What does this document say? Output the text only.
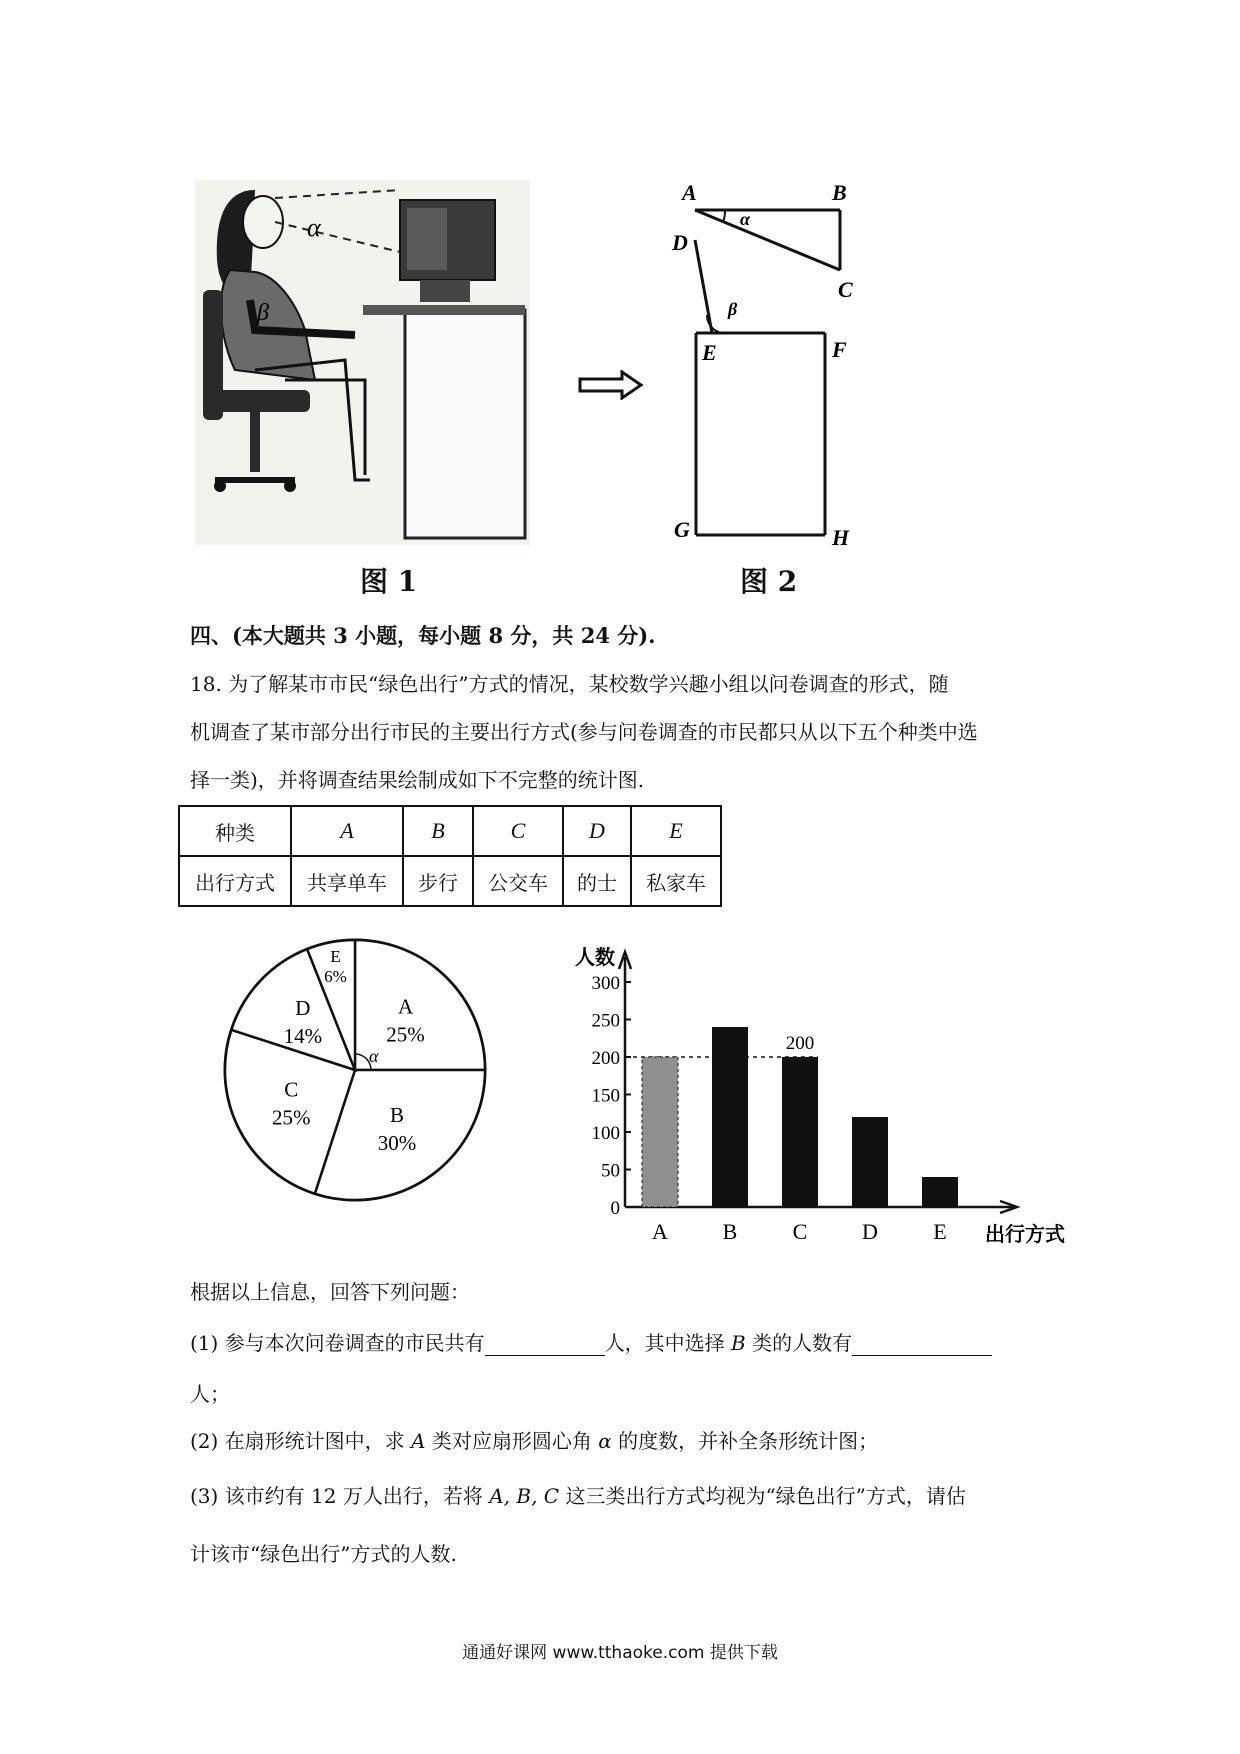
α
β
图 1
A	B
C
D
E	F
G	H
α
β
图 2
四、(本大题共 3 小题，每小题 8 分，共 24 分).

18. 为了解某市市民“绿色出行”方式的情况，某校数学兴趣小组以问卷调查的形式，随

机调查了某市部分出行市民的主要出行方式(参与问卷调查的市民都只从以下五个种类中选

择一类)，并将调查结果绘制成如下不完整的统计图.

种类	A	B	C	D	E
出行方式	共享单车	步行	公交车	的士	私家车
A
25%
B
30%
C
25%
D
14%
E
6%
α
0
50
100
150
200
250
300
人数
出行方式
A B	C D	E
200
根据以上信息，回答下列问题：
(1) 参与本次问卷调查的市民共有	人，其中选择 B 类的人数有
人；
(2) 在扇形统计图中，求 A 类对应扇形圆心角 α 的度数，并补全条形统计图；
(3) 该市约有 12 万人出行，若将 A, B, C 这三类出行方式均视为“绿色出行”方式，请估
计该市“绿色出行”方式的人数.
通通好课网 www.tthaoke.com 提供下载
